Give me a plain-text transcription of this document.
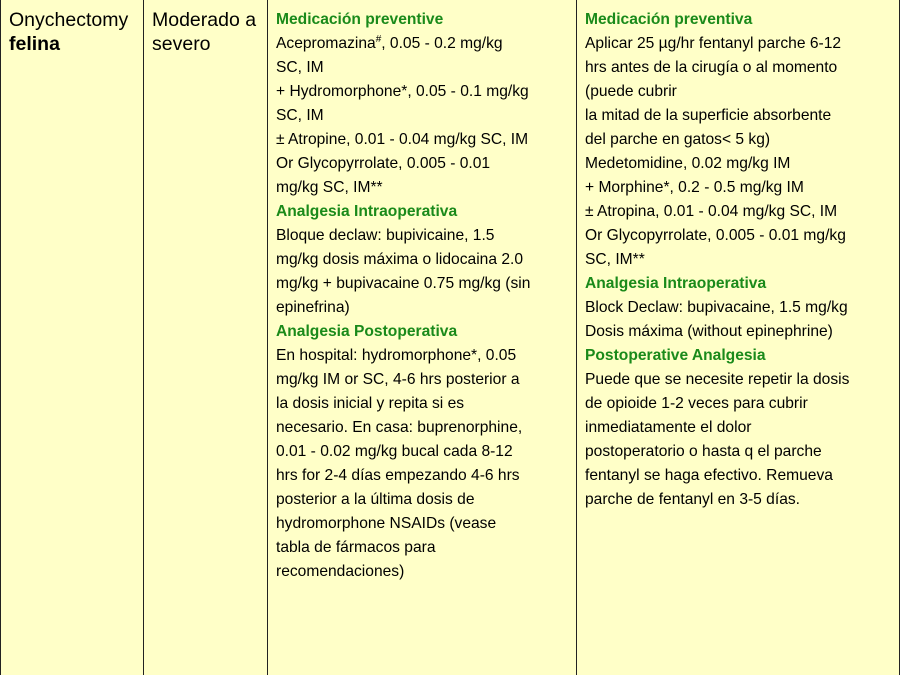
Onychectomy
felina
Moderado a
severo

Medicación preventive

Acepromazina#, 0.05 - 0.2 mg/kg

SC, IM

+ Hydromorphone*, 0.05 - 0.1 mg/kg

SC, IM

± Atropine, 0.01 - 0.04 mg/kg SC, IM

Or Glycopyrrolate, 0.005 - 0.01

mg/kg SC, IM**

Analgesia Intraoperativa

Bloque declaw: bupivicaine, 1.5

mg/kg dosis máxima o lidocaina 2.0

mg/kg + bupivacaine 0.75 mg/kg (sin

epinefrina)

Analgesia Postoperativa

En hospital: hydromorphone*, 0.05

mg/kg IM or SC, 4-6 hrs posterior a

la dosis inicial y repita si es

necesario. En casa: buprenorphine,

0.01 - 0.02 mg/kg bucal cada 8-12

hrs for 2-4 días empezando 4-6 hrs

posterior a la última dosis de

hydromorphone NSAIDs (vease

tabla de fármacos para

recomendaciones)

Medicación preventiva

Aplicar 25 µg/hr fentanyl parche 6-12

hrs antes de la cirugía o al momento

(puede cubrir

la mitad de la superficie absorbente

del parche en gatos< 5 kg)

Medetomidine, 0.02 mg/kg IM

+ Morphine*, 0.2 - 0.5 mg/kg IM

± Atropina, 0.01 - 0.04 mg/kg SC, IM

Or Glycopyrrolate, 0.005 - 0.01 mg/kg

SC, IM**

Analgesia Intraoperativa

Block Declaw: bupivacaine, 1.5 mg/kg

Dosis máxima (without epinephrine)

Postoperative Analgesia

Puede que se necesite repetir la dosis

de opioide 1-2 veces para cubrir

inmediatamente el dolor

postoperatorio o hasta q el parche

fentanyl se haga efectivo. Remueva

parche de fentanyl en 3-5 días.
